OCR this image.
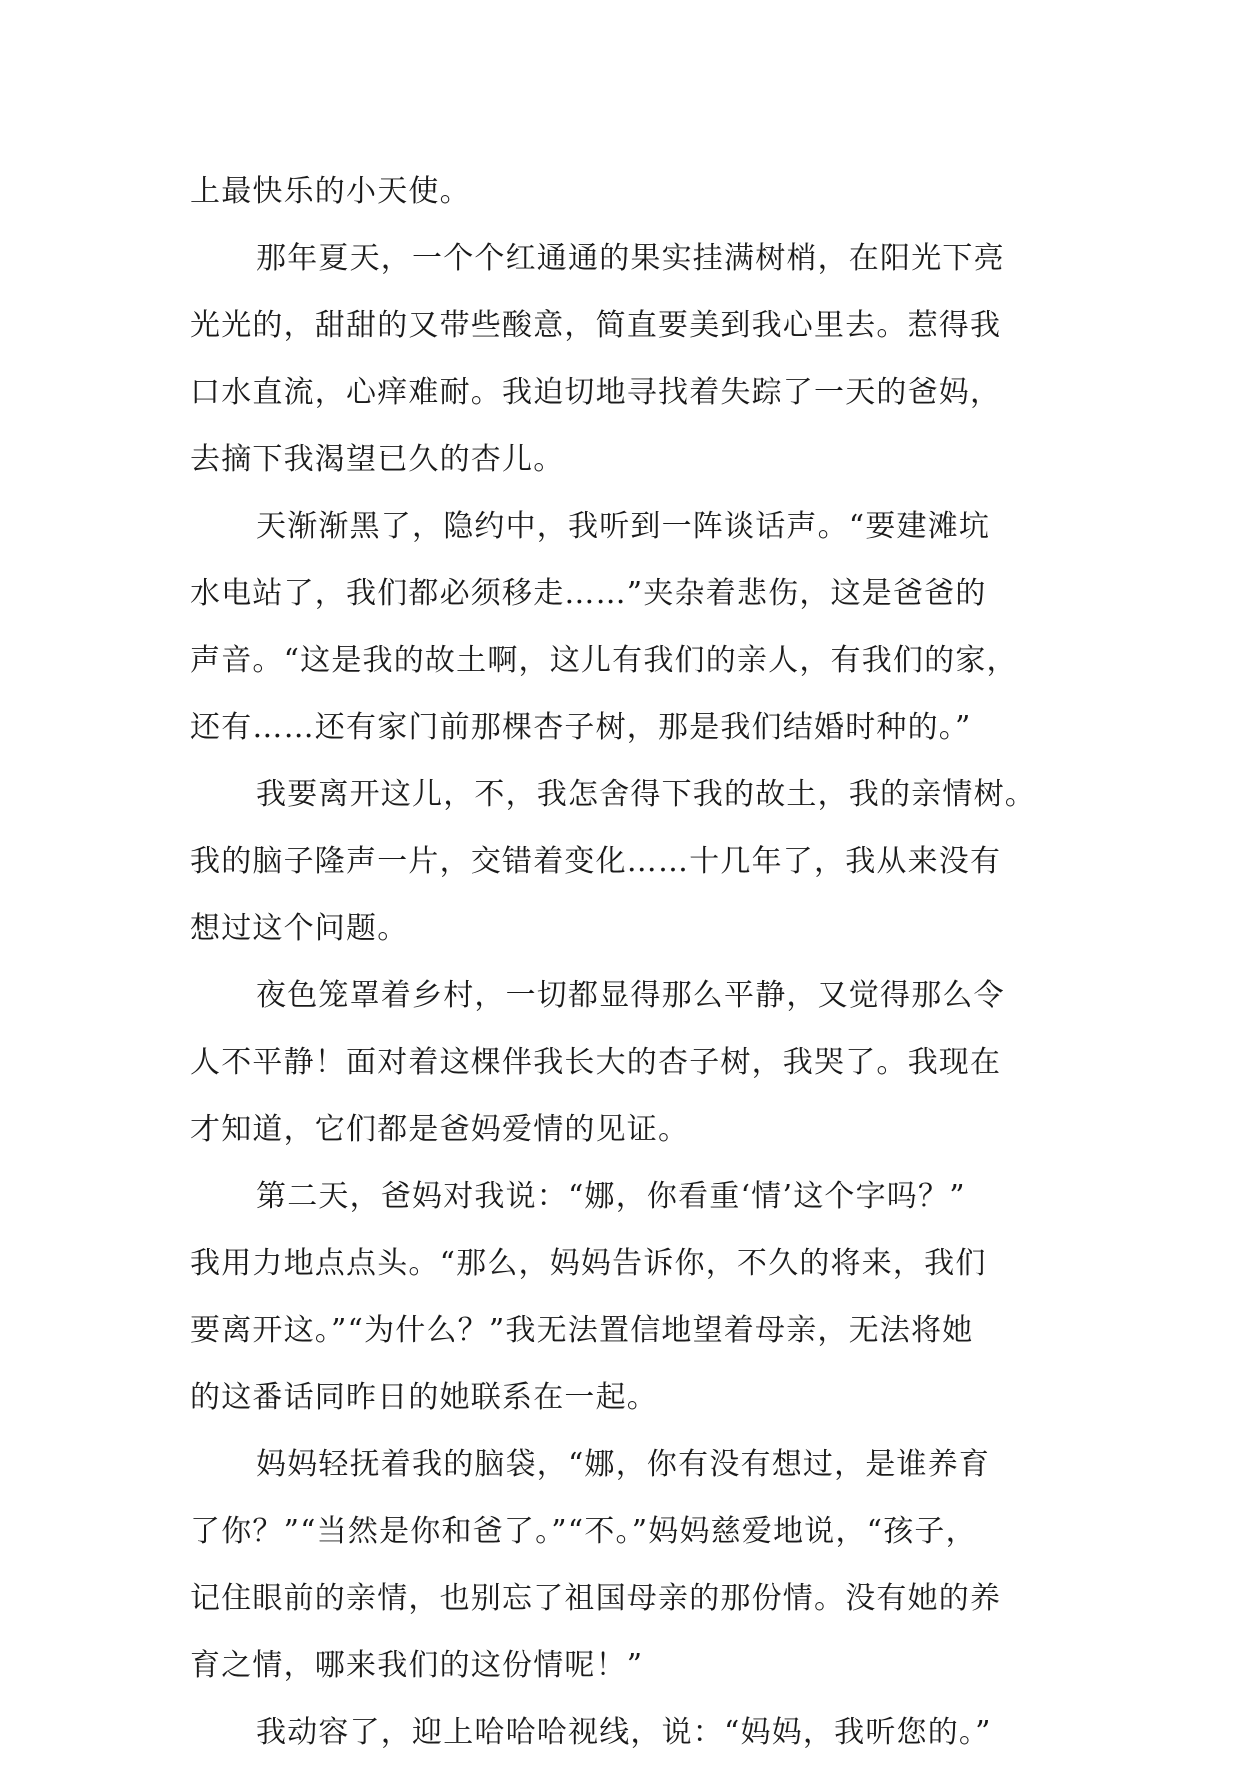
上最快乐的小天使。
那年夏天，一个个红通通的果实挂满树梢，在阳光下亮
光光的，甜甜的又带些酸意，简直要美到我心里去。惹得我
口水直流，心痒难耐。我迫切地寻找着失踪了一天的爸妈，
去摘下我渴望已久的杏儿。
天渐渐黑了，隐约中，我听到一阵谈话声。“要建滩坑
水电站了，我们都必须移走……”夹杂着悲伤，这是爸爸的
声音。“这是我的故土啊，这儿有我们的亲人，有我们的家，
还有……还有家门前那棵杏子树，那是我们结婚时种的。”
我要离开这儿，不，我怎舍得下我的故土，我的亲情树。
我的脑子隆声一片，交错着变化……十几年了，我从来没有
想过这个问题。
夜色笼罩着乡村，一切都显得那么平静，又觉得那么令
人不平静！面对着这棵伴我长大的杏子树，我哭了。我现在
才知道，它们都是爸妈爱情的见证。
第二天，爸妈对我说：“娜，你看重‘情’这个字吗？”
我用力地点点头。“那么，妈妈告诉你，不久的将来，我们
要离开这。”“为什么？”我无法置信地望着母亲，无法将她
的这番话同昨日的她联系在一起。
妈妈轻抚着我的脑袋，“娜，你有没有想过，是谁养育
了你？”“当然是你和爸了。”“不。”妈妈慈爱地说，“孩子，
记住眼前的亲情，也别忘了祖国母亲的那份情。没有她的养
育之情，哪来我们的这份情呢！”
我动容了，迎上哈哈哈视线，说：“妈妈，我听您的。”
